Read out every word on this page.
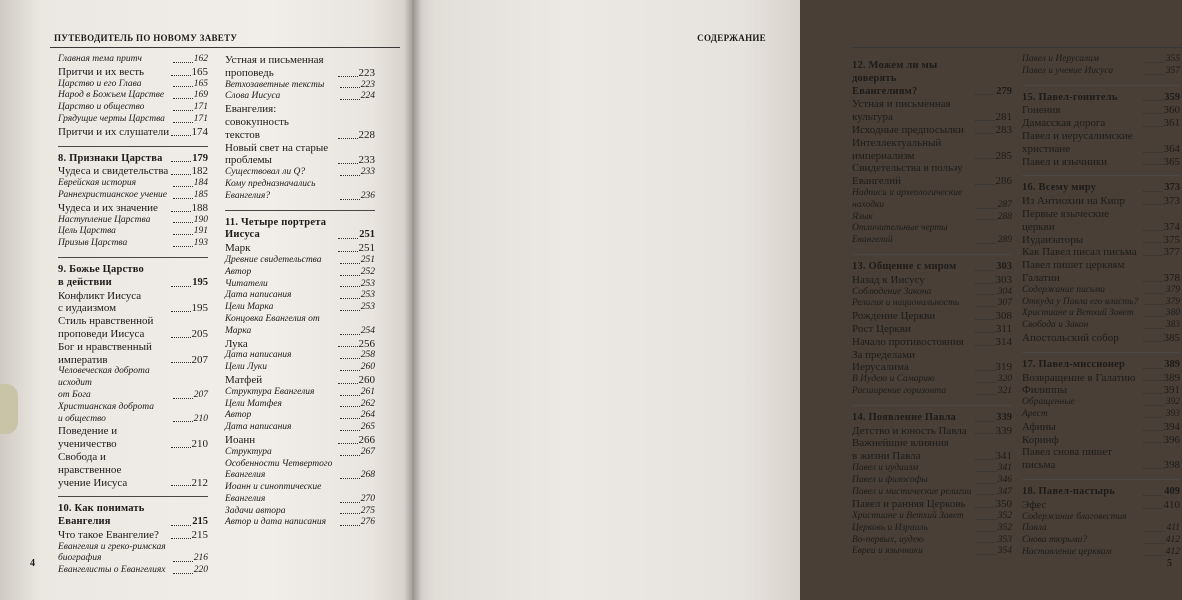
ПУТЕВОДИТЕЛЬ ПО НОВОМУ ЗАВЕТУ
Главная тема притч	162
Притчи и их весть	165
Царство и его Глава	165
Народ в Божьем Царстве	169
Царство и общество	171
Грядущие черты Царства	171
Притчи и их слушатели 174
8. Признаки Царства	179
Чудеса и свидетельства 182
Еврейская история	184
Раннехристианское учение	185
Чудеса и их значение	188
Наступление Царства	190
Цель Царства	191
Призыв Царства	193
9. Божье Царство
в действии	195
Конфликт Иисуса
с иудаизмом	195
Стиль нравственной
проповеди Иисуса	205
Бог и нравственный
императив	207
Человеческая доброта исходит
от Бога	207
Христианская доброта
и общество	210
Поведение и ученичество	210
Свобода и нравственное
учение Иисуса	212
10. Как понимать Евангелия	215
Что такое Евангелие?	215
Евангелия и греко-римская
биография	216
Евангелисты о Евангелиях	220
Устная и письменная
проповедь	223
Ветхозаветные тексты	223
Слова Иисуса	224
Евангелия: совокупность
текстов	228
Новый свет на старые
проблемы	233
Существовал ли Q?	233
Кому предназначались
Евангелия?	236
11. Четыре портрета Иисуса	251
Марк	251
Древние свидетельства	251
Автор	252
Читатели	253
Дата написания	253
Цели Марка	253
Концовка Евангелия от Марка	254
Лука	256
Дата написания	258
Цели Луки	260
Матфей	260
Структура Евангелия	261
Цели Матфея	262
Автор	264
Дата написания	265
Иоанн	266
Структура	267
Особенности Четвертого
Евангелия	268
Иоанн и синоптические
Евангелия	270
Задачи автора	275
Автор и дата написания	276
4
СОДЕРЖАНИЕ
12. Можем ли мы доверять
Евангелиям?	279
Устная и письменная
культура	281
Исходные предпосылки	283
Интеллектуальный
империализм	285
Свидетельства в пользу
Евангелий	286
Надписи и археологические
находки	287
Язык	288
Отличительные черты
Евангелий	289
13. Общение с миром	303
Назад к Иисусу	303
Соблюдение Закона	304
Религия и национальность	307
Рождение Церкви	308
Рост Церкви	311
Начало противостояния	314
За пределами Иерусалима	319
В Иудею и Самарию	320
Расширение горизонта	321
14. Появление Павла	339
Детство и юность Павла	339
Важнейшие влияния
в жизни Павла	341
Павел и иудаизм	341
Павел и философы	346
Павел и мистические религии	347
Павел и ранняя Церковь	350
Христиане и Ветхий Завет	352
Церковь и Израиль	352
Во-первых, иудею	353
Евреи и язычники	354
Павел и Иерусалим	355
Павел и учение Иисуса	357
15. Павел-гонитель	359
Гонения	360
Дамасская дорога	361
Павел и иерусалимские
христиане	364
Павел и язычники	365
16. Всему миру	373
Из Антиохии на Кипр	373
Первые языческие церкви	374
Иудаизаторы	375
Как Павел писал письма	377
Павел пишет церквям
Галатии	378
Содержание письма	379
Откуда у Павла его власть?	379
Христиане и Ветхий Завет	380
Свобода и Закон	383
Апостольский собор	385
17. Павел-миссионер	389
Возвращение в Галатию	389
Филиппы	391
Обращенные	392
Арест	393
Афины	394
Коринф	396
Павел снова пишет письма	398
18. Павел-пастырь	409
Эфес	410
Содержание благовестия
Павла	411
Снова тюрьма?	412
Наставление церквам	412
5
